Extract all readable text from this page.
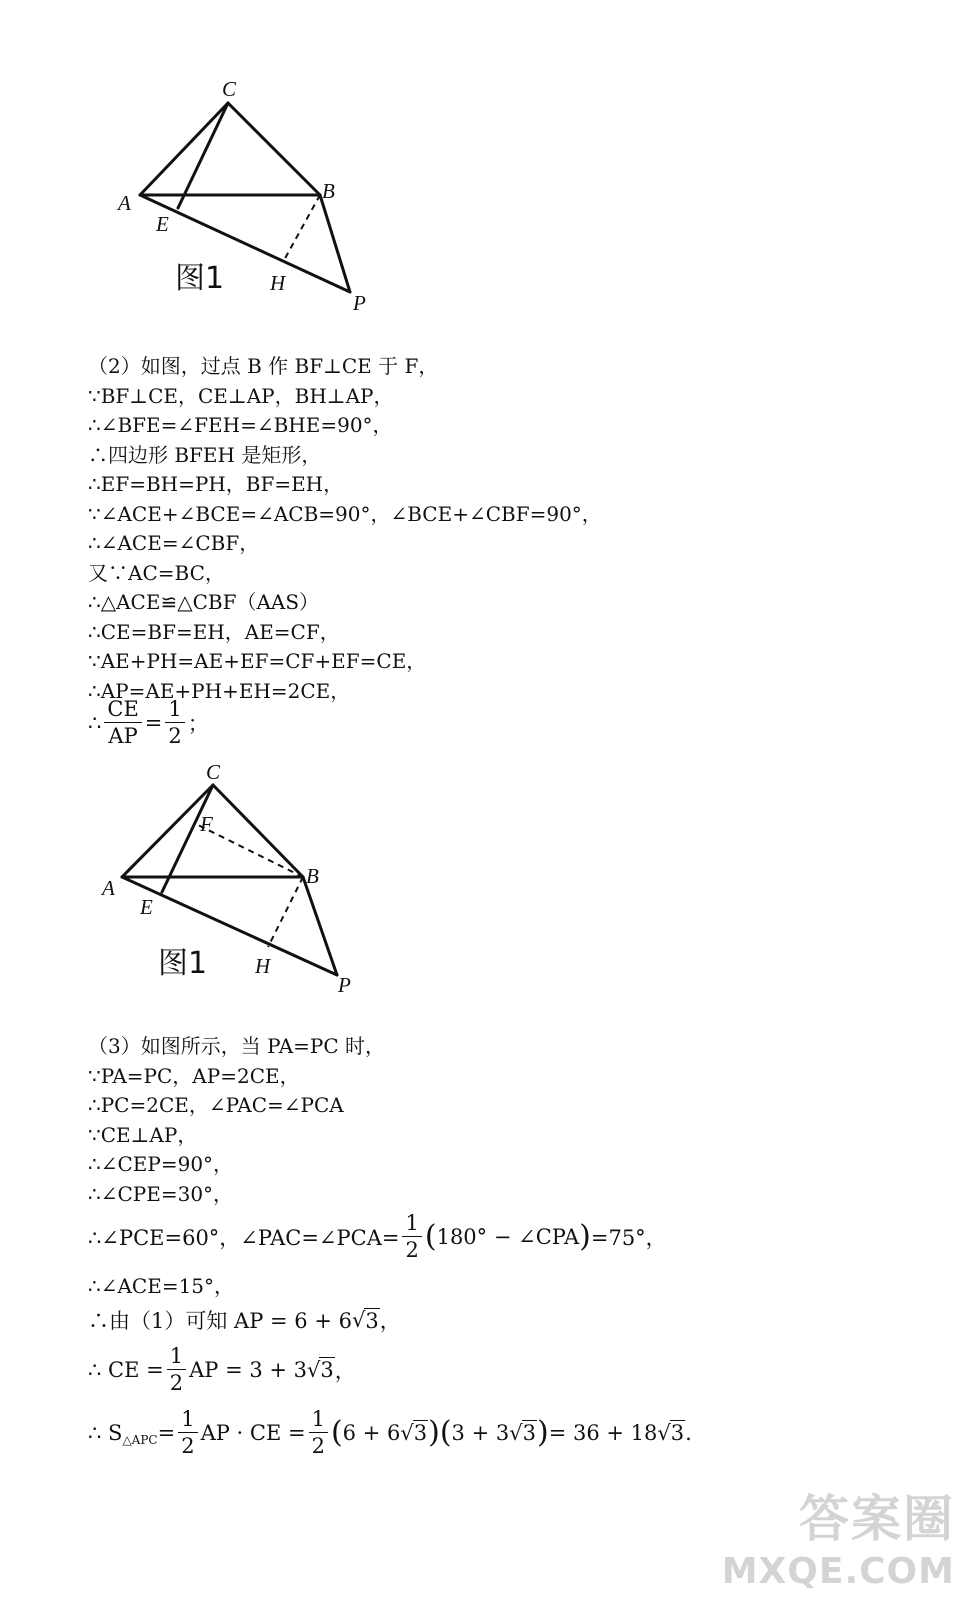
C
A	B
E
H
P
图1
（2）如图，过点 B 作 BF⊥CE 于 F，
∵BF⊥CE，CE⊥AP，BH⊥AP，
∴∠BFE=∠FEH=∠BHE=90°，
∴四边形 BFEH 是矩形，
∴EF=BH=PH，BF=EH，
∵∠ACE+∠BCE=∠ACB=90°，∠BCE+∠CBF=90°，
∴∠ACE=∠CBF，
又∵AC=BC，
∴△ACE≌△CBF（AAS）
∴CE=BF=EH，AE=CF，
∵AE+PH=AE+EF=CF+EF=CE，
∴AP=AE+PH+EH=2CE，
∴ $\frac{CE}{AP} = \frac{1}{2}$ ；
C
F
A	B
E
H
P
图1
（3）如图所示，当 PA=PC 时，
∵PA=PC，AP=2CE，
∴PC=2CE，∠PAC=∠PCA
∵CE⊥AP，
∴∠CEP=90°，
∴∠CPE=30°，
∴∠PCE=60°，∠PAC=∠PCA= $\frac{1}{2}$ ( 180° − ∠CPA ) =75°，
∴∠ACE=15°，
∴由（1）可知 AP = 6 + 6 √ 3 ，
∴ CE = $\frac{1}{2}$ AP = 3 + 3 √ 3 ，
∴ S △APC = $\frac{1}{2}$ AP · CE = $\frac{1}{2}$ ( 6 + 6 √ 3 ) ( 3 + 3 √ 3 ) = 36 + 18 √ 3 .
答案圈
MXQE.COM
